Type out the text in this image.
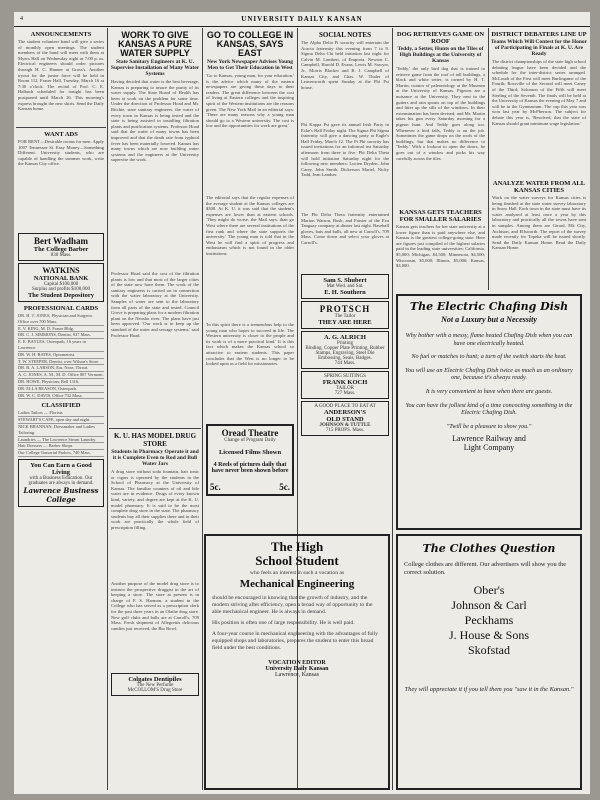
4	UNIVERSITY DAILY KANSAN
ANNOUNCEMENTS
The student volunteer band will give a series of monthly open meetings. The student members of the band will meet with them at Myers Hall on Wednesday night at 7:00 p. m. Electrical engineers should order pictures through H. C. Hanner at Gross's. Another tryout for the junior farce will be held in Room 112, Fraser Hall, Tuesday, March 16 at 7:30 o'clock. The recital of Prof. C. E. Halbach scheduled for tonight has been postponed until March 26. This morning's express brought the new skirts. Send the Daily Kansan home.
WANT ADS
FOR RENT—Desirable rooms for men. Apply 1007 Tennessee St. Easy Money—Something Different. University students, who are capable of handling the summer work, write the Kansas City office.
Bert Wadham
The College Barber
830 Mass.
WATKINS
NATIONAL BANK
Capital $100,000
Surplus and profits $100,000
The Student Depository
PROFESSIONAL CARDS
DR. H. T. JONES, Physician and Surgeon. Office over 700 Mass.
E. V. KING, M. D. Fraser Bldg.
DR. C. J. SIMMONS, Dentist, 927 Mass.
E. E. BAYLES, Osteopath, 16 years in Lawrence.
DR. W. H. BATES, Optometrist.
T. W. STEEPER, Dentist, over Wilson's Store.
DR. R. A. LARSON, Ear, Nose, Throat.
A. C. JONES, A. M., M. D. Office 807 Vermont.
DR. HOWE, Physician, Bell 1316.
DR. ELLA REASON, Osteopath.
DR. W. C. DAVIS, Office 732 Mass.
CLASSIFIED
Ladies Tailors — Florists
STEWART'S CAFE, open day and night.
NICK BRANNAN, Dressmaker and Ladies Tailoring.
Laundries — The Lawrence Steam Laundry.
Hair Dressers — Barber Shops
Our College Tonsorial Parlors, 740 Mass.
You Can Earn a Good Living
with a Business Education. Our graduates are always in demand.
Lawrence Business College
WORK TO GIVE KANSAS A PURE WATER SUPPLY
State Sanitary Engineers at K. U. Supervise Installation of Many Water Systems
Having decided that water is the best beverage, Kansas is preparing to insure the purity of its water supply. The State Board of Health has been at work on the problem for some time. Under the direction of Professor Hoad and Mr. Ritchie, state sanitary engineers, the water of every town in Kansas is being tested and the state is being assisted in installing filtration plants and purification systems. Professor Hoad said that the water of many towns has been improved and that the death rate from typhoid fever has been materially lowered. Kansas has many towns which are now building water systems and the engineers at the University supervise the work.
Professor Hoad said the cost of the filtration plants is low and that most of the larger cities of the state now have them. The work of the sanitary engineers is carried on in connection with the water laboratory at the University. Samples of water are sent to the laboratory from all parts of the state and tested. Council Grove is preparing plans for a modern filtration plant on the Neosho river. The plans have just been approved. 'Our work is to keep up the standard of the water and sewage systems,' said Professor Hoad.
K. U. HAS MODEL DRUG STORE
Students in Pharmacy Operate it and it is Complete Even to Rod and Bull Water Jars
A drug store without soda fountain, hair tonic or cigars is operated by the students in the School of Pharmacy at the University of Kansas. The familiar counters of oil and bile water are in evidence. Drugs of every known kind, variety, and degree are kept at the K. U. model pharmacy. It is said to be the most complete drug store in the state. The pharmacy students buy all their supplies there and in their work are practically the whole field of prescription filling.
Another purpose of the model drug store is to instruct the prospective druggist in the art of keeping a store. The store at present is in charge of F. S. Harmon, a student in the College who has served as a prescription clerk for the past three years in an Olathe drug store. New golf clubs and balls are at Carroll's, 709 Mass. Fresh shipment of Allegrettis delicious candies just received, the Bio Bowl.
Colgates Dentipiles
The New Perfume
McCOLLOM'S Drug Store
GO TO COLLEGE IN KANSAS, SAYS EAST
New York Newspaper Advises Young Men to Get Their Education in West
'Go to Kansas, young man, for your education,' is the advice which many of the eastern newspapers are giving these days to their readers. The great difference between the cost of living at Eastern colleges and the inspiring spirit of the Western institutions are the reasons given. The New York Mail in an editorial says: 'There are many reasons why a young man should go to a Western university. The cost is low and the opportunities for work are great.'
The editorial says that the regular expenses of the average student at the Kansas colleges are $300. At K. U. it was said that the student's expenses are lower than at eastern schools. 'They might do worse, the Mail says, than go West where there are several institutions of the first rank and where the state supports the university.' The young man is told that in the West he will find a spirit of progress and enthusiasm which is not found in the older institutions.
'In this spirit there is a tremendous help to the young man who hopes to succeed in life. The Western university is closer to the people and its work is of a more practical kind.' It is this fact which makes the Kansas school so attractive to eastern students. This paper concludes that the West is no longer to be looked upon as a field for missionaries.
Oread Theatre
Change of Program Daily
Licensed Films Shown
4 Reels of pictures daily that have never been shown before
5c.	5c.
SOCIAL NOTES
The Alpha Delta Pi sorority will entertain the Acacia fraternity this evening from 7 to 9. Sigma Delta Chi held initiation last night for Calvin M. Lambert, of Emporia. Newton C. Campbell, Harold D. Evans, Lewis M. Sawyer, Jr., Morris Blacker and R. J. Campbell of Kansas City, and Chas. W. Thaler of Leavenworth spent Sunday at the Phi Psi house.
Phi Kappa Psi gave its annual Irish Party in Ecke's Hall Friday night. The Sigma Phi Sigma fraternity will give a dancing party at Eagle's Hall Friday, March 12. The Pi Phi sorority has issued invitations for an informal tea Saturday afternoon from three to five. Phi Delta Theta will hold initiation Saturday night for the following new members: Lucien Dryden, John Carey, John Smith, Dickerson Martel, Nicky Tadd, Jean Landser.
The Phi Delta Theta fraternity entertained Marion Watson, Bush, and Frasier of the Eva Tanguay company at dinner last night. Baseball gloves, bats and balls, all new at Carroll's, 709 Mass. Come down and select your gloves at Carroll's.
Sam S. Shubert
Mat Wed. and Sat.
E. H. Southern
PROTSCH
The Tailor
THEY ARE HERE
A. G. ALRICH
Printing
Binding, Copper Plate Printing, Rubber Stamps, Engraving, Steel Die Embossing, Seals, Badges.
744 Mass.
SPRING SUITINGS
FRANK KOCH
TAILOR
727 Mass.
A GOOD PLACE TO EAT AT
ANDERSON'S
OLD STAND
JOHNSON & TUTTLE
715 PROPS. Mass.
DOG RETRIEVES GAME ON ROOF
Teddy, a Setter, Hunts on the Tiles of High Buildings at the University of Kansas
'Teddy,' the only bird dog that is trained to retrieve game from the roof of tall buildings, a black and white setter, is owned by H. T. Martin, curator of paleontology at the Museum at the University of Kansas. Pigeons are a nuisance at the University. They nest in the gutters and rain spouts on top of the buildings and litter up the sills of the windows. In their extermination has been devised, and Mr. Martin takes his gun every Saturday morning for a pigeon hunt. And Teddy goes along too. Whenever a bird falls, Teddy is on the job. Sometimes the game drops on the roofs of the buildings, but that makes no difference to 'Teddy.' With a lookout to open the doors, he goes out of a window and picks his way carefully across the tiles.
KANSAS GETS TEACHERS FOR SMALLER SALARIES
Kansas gets teachers for her state university at a lower figure than is paid anywhere else, and Kansas is the greatest college-going state. Here are figures just compiled of the highest salaries paid in the leading state universities: California, $5,000; Michigan, $4,500; Minnesota, $4,500; Wisconsin, $5,000; Illinois, $5,000; Kansas, $3,000.
DISTRICT DEBATERS LINE UP
Teams Which Will Contest for the Honor of Participating in Finals at K. U. Are Ready
The district championships of the state high school debating league have been decided and the schedule for the inter-district series arranged. McLouth of the First will meet Burlingame of the Fourth; Rossville of the Second will meet Caney of the Third; Solomon of the Fifth will meet Sterling of the Seventh. The finals will be held at the University of Kansas the evening of May 7 and will be in the Gymnasium. The cup this year was won last year by McPherson. The subject for debate this year is, 'Resolved, that the state of Kansas should grant minimum wage legislation.'
ANALYZE WATER FROM ALL KANSAS CITIES
Work on the water surveys for Kansas cities is being finished at the state water survey laboratory in Snow Hall. Each town in the state must have its water analyzed at least once a year by this laboratory and practically all the towns have sent in samples. Among them are Girard, Elk City, Atchison, and Ellsworth. The report of the survey made recently for Topeka will be issued shortly. Send the Daily Kansan Home. Read the Daily Kansan Home.
The Electric Chafing Dish
Not a Luxury but a Necessity
Why bother with a messy, flame heated Chafing Dish when you can have one electrically heated.
No fuel or matches to hunt; a turn of the switch starts the heat.
You will use an Electric Chafing Dish twice as much as an ordinary one, because it's always ready.
It is very convenient to have when there are guests.
You can have the jolliest kind of a time concocting something in the Electric Chafing Dish.
"Twill be a pleasure to show you."
Lawrence Railway and
Light Company
The High
School Student
who feels an interest in such a vocation as
Mechanical Engineering
should be encouraged in knowing that the growth of industry, and the modern striving after efficiency, open a broad way of opportunity to the able mechanical engineer. He is always in demand.
His position is often one of large responsibility. He is well paid.
A four-year course in mechanical engineering with the advantages of fully equipped shops and laboratories, prepares the student to enter this broad field under the best conditions.
VOCATION EDITOR
University Daily Kansan
Lawrence, Kansas
The Clothes Question
College clothes are different. Our advertisers will show you the correct solution.
Ober's
Johnson & Carl
Peckhams
J. House & Sons
Skofstad
They will appreciate it if you tell them you "saw it in the Kansan."
